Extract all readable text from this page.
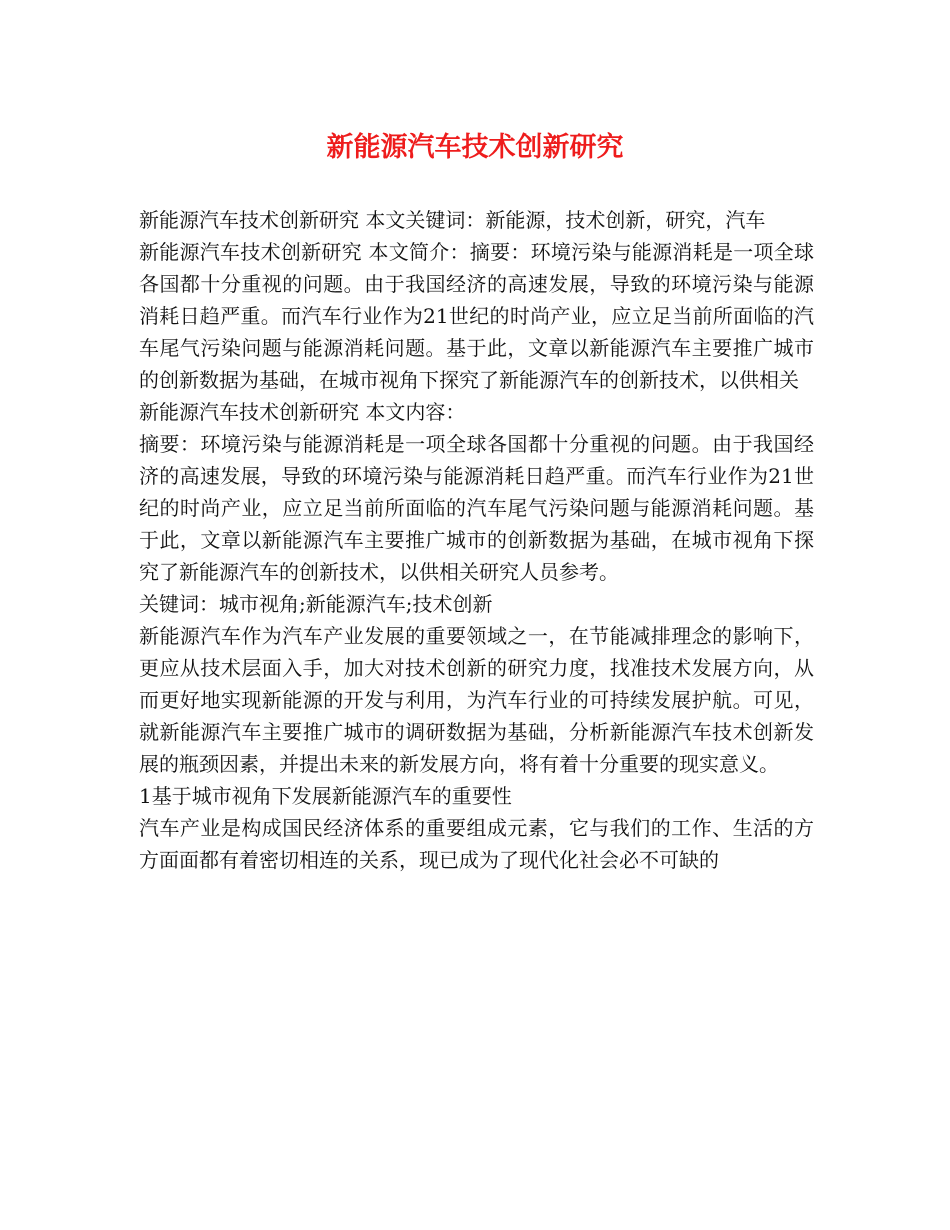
新能源汽车技术创新研究

新能源汽车技术创新研究 本文关键词：新能源，技术创新，研究，汽车

新能源汽车技术创新研究 本文简介：摘要：环境污染与能源消耗是一项全球各国都十分重视的问题。由于我国经济的高速发展，导致的环境污染与能源消耗日趋严重。而汽车行业作为21世纪的时尚产业，应立足当前所面临的汽车尾气污染问题与能源消耗问题。基于此，文章以新能源汽车主要推广城市的创新数据为基础，在城市视角下探究了新能源汽车的创新技术，以供相关

新能源汽车技术创新研究 本文内容：

摘要：环境污染与能源消耗是一项全球各国都十分重视的问题。由于我国经济的高速发展，导致的环境污染与能源消耗日趋严重。而汽车行业作为21世纪的时尚产业，应立足当前所面临的汽车尾气污染问题与能源消耗问题。基于此，文章以新能源汽车主要推广城市的创新数据为基础，在城市视角下探究了新能源汽车的创新技术，以供相关研究人员参考。

关键词：城市视角;新能源汽车;技术创新

新能源汽车作为汽车产业发展的重要领域之一，在节能减排理念的影响下，更应从技术层面入手，加大对技术创新的研究力度，找准技术发展方向，从而更好地实现新能源的开发与利用，为汽车行业的可持续发展护航。可见，就新能源汽车主要推广城市的调研数据为基础，分析新能源汽车技术创新发展的瓶颈因素，并提出未来的新发展方向，将有着十分重要的现实意义。

1基于城市视角下发展新能源汽车的重要性

汽车产业是构成国民经济体系的重要组成元素，它与我们的工作、生活的方方面面都有着密切相连的关系，现已成为了现代化社会必不可缺的
